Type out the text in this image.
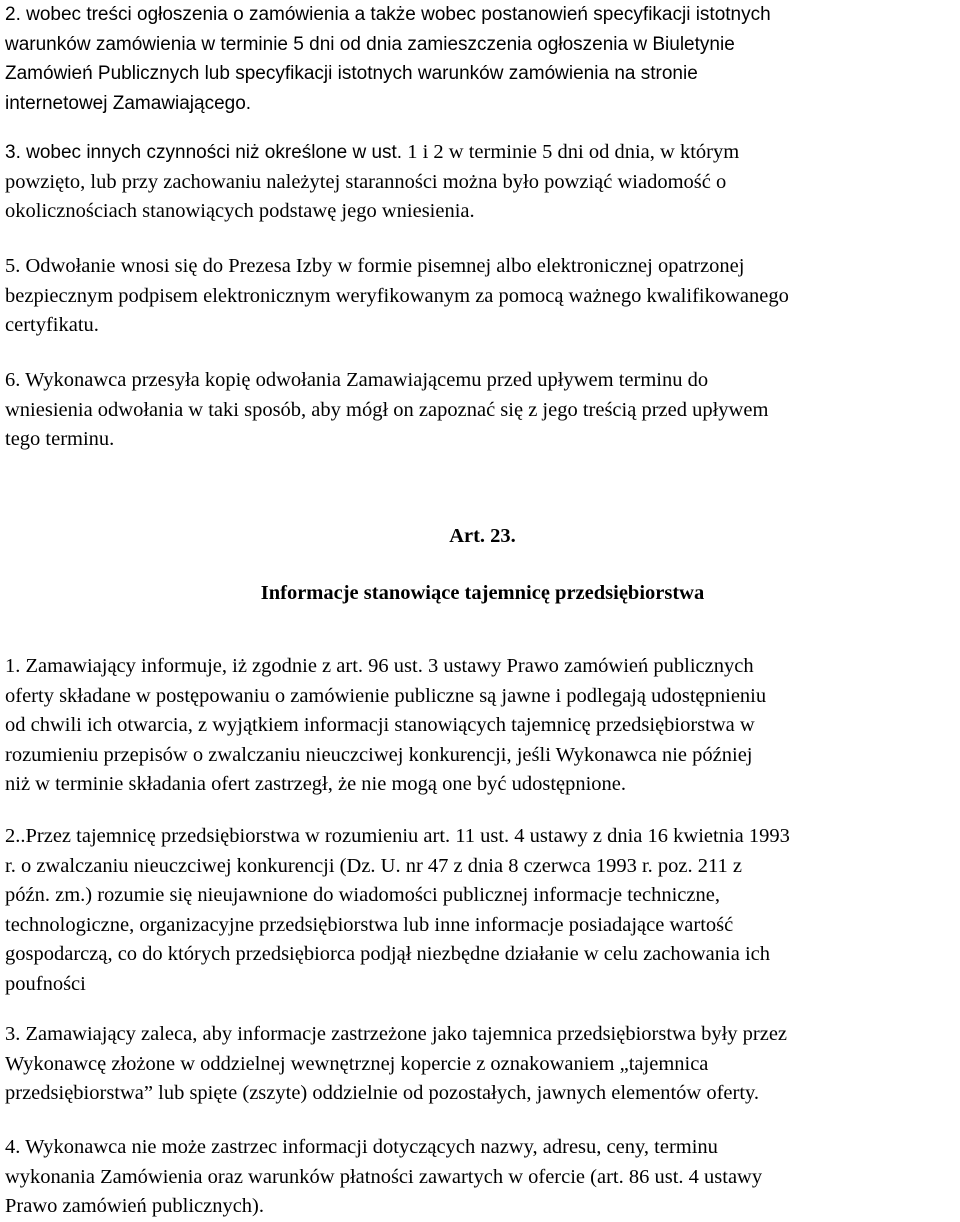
2. wobec treści ogłoszenia o zamówienia a także wobec postanowień specyfikacji istotnych
warunków zamówienia w terminie 5 dni od dnia zamieszczenia ogłoszenia w Biuletynie
Zamówień Publicznych lub specyfikacji istotnych warunków zamówienia na stronie
internetowej Zamawiającego.

3. wobec innych czynności niż określone w ust. 1 i 2 w terminie 5 dni od dnia, w którym
powzięto, lub przy zachowaniu należytej staranności można było powziąć wiadomość o
okolicznościach stanowiących podstawę jego wniesienia.

5. Odwołanie wnosi się do Prezesa Izby w formie pisemnej albo elektronicznej opatrzonej
bezpiecznym podpisem elektronicznym weryfikowanym za pomocą ważnego kwalifikowanego
certyfikatu.

6. Wykonawca przesyła kopię odwołania Zamawiającemu przed upływem terminu do
wniesienia odwołania w taki sposób, aby mógł on zapoznać się z jego treścią przed upływem
tego terminu.

Art. 23.
Informacje stanowiące tajemnicę przedsiębiorstwa

1. Zamawiający informuje, iż zgodnie z art. 96 ust. 3 ustawy Prawo zamówień publicznych
oferty składane w postępowaniu o zamówienie publiczne są jawne i podlegają udostępnieniu
od chwili ich otwarcia, z wyjątkiem informacji stanowiących tajemnicę przedsiębiorstwa w
rozumieniu przepisów o zwalczaniu nieuczciwej konkurencji, jeśli Wykonawca nie później
niż w terminie składania ofert zastrzegł, że nie mogą one być udostępnione.

2..Przez tajemnicę przedsiębiorstwa w rozumieniu art. 11 ust. 4 ustawy z dnia 16 kwietnia 1993
r. o zwalczaniu nieuczciwej konkurencji (Dz. U. nr 47 z dnia 8 czerwca 1993 r. poz. 211 z
późn. zm.) rozumie się nieujawnione do wiadomości publicznej informacje techniczne,
technologiczne, organizacyjne przedsiębiorstwa lub inne informacje posiadające wartość
gospodarczą, co do których przedsiębiorca podjął niezbędne działanie w celu zachowania ich
poufności

3. Zamawiający zaleca, aby informacje zastrzeżone jako tajemnica przedsiębiorstwa były przez
Wykonawcę złożone w oddzielnej wewnętrznej kopercie z oznakowaniem „tajemnica
przedsiębiorstwa” lub spięte (zszyte) oddzielnie od pozostałych, jawnych elementów oferty.

4. Wykonawca nie może zastrzec informacji dotyczących nazwy, adresu, ceny, terminu
wykonania Zamówienia oraz warunków płatności zawartych w ofercie (art. 86 ust. 4 ustawy
Prawo zamówień publicznych).
